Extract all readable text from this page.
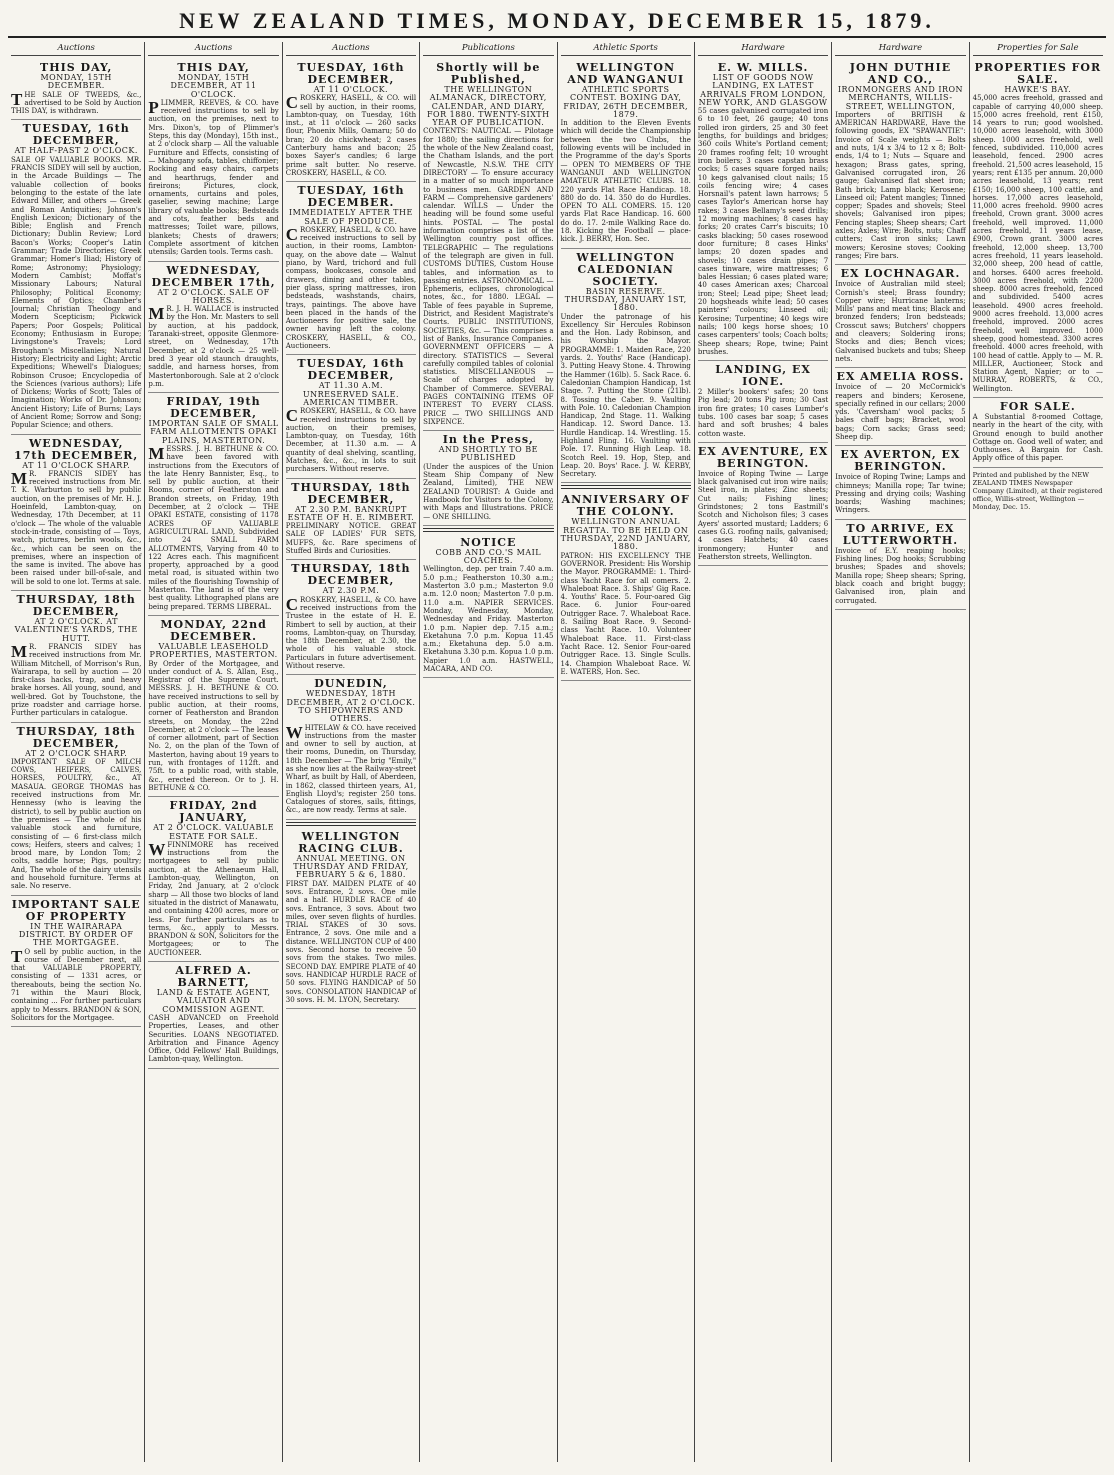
NEW ZEALAND TIMES, MONDAY, DECEMBER 15, 1879.
Auctions
THIS DAY,
MONDAY, 15TH DECEMBER.
THE SALE OF TWEEDS, &c., advertised to be Sold by Auction THIS DAY, is withdrawn.
TUESDAY, 16th DECEMBER,
AT HALF-PAST 2 O'CLOCK.
SALE OF VALUABLE BOOKS. MR. FRANCIS SIDEY will sell by auction, in the Arcade Buildings — The valuable collection of books belonging to the estate of the late Edward Miller, and others — Greek and Roman Antiquities; Johnson's English Lexicon; Dictionary of the Bible; English and French Dictionary; Dublin Review; Lord Bacon's Works; Cooper's Latin Grammar; Trade Directories; Greek Grammar; Homer's Iliad; History of Rome; Astronomy; Physiology; Modern Cambist; Moffat's Missionary Labours; Natural Philosophy; Political Economy; Elements of Optics; Chamber's Journal; Christian Theology and Modern Scepticism; Pickwick Papers; Poor Gospels; Political Economy; Enthusiasm in Europe; Livingstone's Travels; Lord Brougham's Miscellanies; Natural History; Electricity and Light; Arctic Expeditions; Whewell's Dialogues; Robinson Crusoe; Encyclopedia of the Sciences (various authors); Life of Dickens; Works of Scott; Tales of Imagination; Works of Dr. Johnson; Ancient History; Life of Burns; Lays of Ancient Rome; Sorrow and Song; Popular Science; and others.
WEDNESDAY, 17th DECEMBER,
AT 11 O'CLOCK SHARP.
M R. FRANCIS SIDEY has received instructions from Mr. T. K. Warburton to sell by public auction, on the premises of Mr. H. J. Hoeinfeld, Lambton-quay, on Wednesday, 17th December, at 11 o'clock — The whole of the valuable stock-in-trade, consisting of — Toys, watch, pictures, berlin wools, &c., &c., which can be seen on the premises, where an inspection of the same is invited. The above has been raised under bill-of-sale, and will be sold to one lot. Terms at sale.
THURSDAY, 18th DECEMBER,
AT 2 O'CLOCK. AT VALENTINE'S YARDS, THE HUTT.
M R. FRANCIS SIDEY has received instructions from Mr. William Mitchell, of Morrison's Run, Wairarapa, to sell by auction — 20 first-class hacks, trap, and heavy brake horses. All young, sound, and well-bred. Got by Touchstone, the prize roadster and carriage horse. Further particulars in catalogue.
THURSDAY, 18th DECEMBER,
AT 2 O'CLOCK SHARP.
IMPORTANT SALE OF MILCH COWS, HEIFERS, CALVES, HORSES, POULTRY, &c., AT MASAUA. GEORGE THOMAS has received instructions from Mr. Hennessy (who is leaving the district), to sell by public auction on the premises — The whole of his valuable stock and furniture, consisting of — 6 first-class milch cows; Heifers, steers and calves; 1 brood mare, by London Tom; 2 colts, saddle horse; Pigs, poultry; And, The whole of the dairy utensils and household furniture. Terms at sale. No reserve.
IMPORTANT SALE OF PROPERTY
IN THE WAIRARAPA DISTRICT. BY ORDER OF THE MORTGAGEE.
T O sell by public auction, in the course of December next, all that VALUABLE PROPERTY, consisting of — 1331 acres, or thereabouts, being the section No. 71 within the Mauri Block, containing ... For further particulars apply to Messrs. BRANDON & SON, Solicitors for the Mortgagee.
Auctions
THIS DAY,
MONDAY, 15TH DECEMBER, AT 11 O'CLOCK.
PLIMMER, REEVES, & CO. have received instructions to sell by auction, on the premises, next to Mrs. Dixon's, top of Plimmer's Steps, this day (Monday), 15th inst., at 2 o'clock sharp — All the valuable Furniture and Effects, consisting of — Mahogany sofa, tables, chiffonier; Rocking and easy chairs, carpets and hearthrugs, fender and fireirons; Pictures, clock, ornaments, curtains and poles, gaselier, sewing machine; Large library of valuable books; Bedsteads and cots, feather beds and mattresses; Toilet ware, pillows, blankets; Chests of drawers; Complete assortment of kitchen utensils; Garden tools. Terms cash.
WEDNESDAY, DECEMBER 17th,
AT 2 O'CLOCK. SALE OF HORSES.
M R. J. H. WALLACE is instructed by the Hon. Mr. Masters to sell by auction, at his paddock, Taranaki-street, opposite Glenmore-street, on Wednesday, 17th December, at 2 o'clock — 25 well-bred 3 year old staunch draughts, saddle, and harness horses, from Mastertonborough. Sale at 2 o'clock p.m.
FRIDAY, 19th DECEMBER,
IMPORTAN SALE OF SMALL FARM ALLOTMENTS OPAKI PLAINS, MASTERTON.
MESSRS. J. H. BETHUNE & CO. have been favored with instructions from the Executors of the late Henry Bannister, Esq., to sell by public auction, at their Rooms, corner of Featherston and Brandon streets, on Friday, 19th December, at 2 o'clock — THE OPAKI ESTATE, consisting of 1178 ACRES OF VALUABLE AGRICULTURAL LAND, Subdivided into 24 SMALL FARM ALLOTMENTS, Varying from 40 to 122 Acres each. This magnificent property, approached by a good metal road, is situated within two miles of the flourishing Township of Masterton. The land is of the very best quality. Lithographed plans are being prepared. TERMS LIBERAL.
MONDAY, 22nd DECEMBER.
VALUABLE LEASEHOLD PROPERTIES, MASTERTON.
By Order of the Mortgagee, and under conduct of A. S. Allan, Esq., Registrar of the Supreme Court. MESSRS. J. H. BETHUNE & CO. have received instructions to sell by public auction, at their rooms, corner of Featherston and Brandon streets, on Monday, the 22nd December, at 2 o'clock — The leases of corner allotment, part of Section No. 2, on the plan of the Town of Masterton, having about 19 years to run, with frontages of 112ft. and 75ft. to a public road, with stable, &c., erected thereon. Or to J. H. BETHUNE & CO.
FRIDAY, 2nd JANUARY,
AT 2 O'CLOCK. VALUABLE ESTATE FOR SALE.
WFINNIMORE has received instructions from the mortgagees to sell by public auction, at the Athenaeum Hall, Lambton-quay, Wellington, on Friday, 2nd January, at 2 o'clock sharp — All those two blocks of land situated in the district of Manawatu, and containing 4200 acres, more or less. For further particulars as to terms, &c., apply to Messrs. BRANDON & SON, Solicitors for the Mortgagees; or to The AUCTIONEER.
ALFRED A. BARNETT,
LAND & ESTATE AGENT, VALUATOR AND COMMISSION AGENT.
CASH ADVANCED on Freehold Properties, Leases, and other Securities. LOANS NEGOTIATED. Arbitration and Finance Agency Office, Odd Fellows' Hall Buildings, Lambton-quay, Wellington.
Auctions
TUESDAY, 16th DECEMBER,
AT 11 O'CLOCK.
CROSKERY, HASELL, & CO. will sell by auction, in their rooms, Lambton-quay, on Tuesday, 16th inst., at 11 o'clock — 260 sacks flour, Phoenix Mills, Oamaru; 50 do bran; 20 do chickwheat; 2 cases Canterbury hams and bacon; 25 boxes Sayer's candles; 6 large prime salt butter. No reserve. CROSKERY, HASELL, & CO.
TUESDAY, 16th DECEMBER.
IMMEDIATELY AFTER THE SALE OF PRODUCE.
CROSKERY, HASELL, & CO. have received instructions to sell by auction, in their rooms, Lambton-quay, on the above date — Walnut piano, by Ward, trichord and full compass, bookcases, console and drawers, dining and other tables, pier glass, spring mattresses, iron bedsteads, washstands, chairs, trays, paintings. The above have been placed in the hands of the Auctioneers for positive sale, the owner having left the colony. CROSKERY, HASELL, & CO., Auctioneers.
TUESDAY, 16th DECEMBER,
AT 11.30 A.M. UNRESERVED SALE. AMERICAN TIMBER.
CROSKERY, HASELL, & CO. have received instructions to sell by auction, on their premises, Lambton-quay, on Tuesday, 16th December, at 11.30 a.m. — A quantity of deal shelving, scantling, Matches, &c., &c., in lots to suit purchasers. Without reserve.
THURSDAY, 18th DECEMBER,
AT 2.30 P.M. BANKRUPT ESTATE OF H. E. RIMBERT.
PRELIMINARY NOTICE. GREAT SALE OF LADIES' FUR SETS, MUFFS, &c. Rare specimens of Stuffed Birds and Curiosities.
THURSDAY, 18th DECEMBER,
AT 2.30 P.M.
CROSKERY, HASELL, & CO. have received instructions from the Trustee in the estate of H. E. Rimbert to sell by auction, at their rooms, Lambton-quay, on Thursday, the 18th December, at 2.30, the whole of his valuable stock. Particulars in future advertisement. Without reserve.
DUNEDIN,
WEDNESDAY, 18TH DECEMBER, AT 2 O'CLOCK. TO SHIPOWNERS AND OTHERS.
WHITELAW & CO. have received instructions from the master and owner to sell by auction, at their rooms, Dunedin, on Thursday, 18th December — The brig "Emily," as she now lies at the Railway-street Wharf, as built by Hall, of Aberdeen, in 1862, classed thirteen years, A1, English Lloyd's; register 250 tons. Catalogues of stores, sails, fittings, &c., are now ready. Terms at sale.
WELLINGTON RACING CLUB.
ANNUAL MEETING. ON THURSDAY AND FRIDAY, FEBRUARY 5 & 6, 1880.
FIRST DAY. MAIDEN PLATE of 40 sovs. Entrance, 2 sovs. One mile and a half. HURDLE RACE of 40 sovs. Entrance, 3 sovs. About two miles, over seven flights of hurdles. TRIAL STAKES of 30 sovs. Entrance, 2 sovs. One mile and a distance. WELLINGTON CUP of 400 sovs. Second horse to receive 50 sovs from the stakes. Two miles. SECOND DAY. EMPIRE PLATE of 40 sovs. HANDICAP HURDLE RACE of 50 sovs. FLYING HANDICAP of 50 sovs. CONSOLATION HANDICAP of 30 sovs. H. M. LYON, Secretary.
Publications
Shortly will be Published,
THE WELLINGTON ALMANACK, DIRECTORY, CALENDAR, AND DIARY, FOR 1880. TWENTY-SIXTH YEAR OF PUBLICATION.
CONTENTS: NAUTICAL — Pilotage for 1880; the sailing directions for the whole of the New Zealand coast, the Chatham Islands, and the port of Newcastle, N.S.W. THE CITY DIRECTORY — To ensure accuracy in a matter of so much importance to business men. GARDEN AND FARM — Comprehensive gardeners' calendar. WILLS — Under the heading will be found some useful hints. POSTAL — The postal information comprises a list of the Wellington country post offices. TELEGRAPHIC — The regulations of the telegraph are given in full. CUSTOMS DUTIES, Custom House tables, and information as to passing entries. ASTRONOMICAL — Ephemeris, eclipses, chronological notes, &c., for 1880. LEGAL — Table of fees payable in Supreme, District, and Resident Magistrate's Courts. PUBLIC INSTITUTIONS, SOCIETIES, &c. — This comprises a list of Banks, Insurance Companies. GOVERNMENT OFFICERS — A directory. STATISTICS — Several carefully compiled tables of colonial statistics. MISCELLANEOUS — Scale of charges adopted by Chamber of Commerce. SEVERAL PAGES CONTAINING ITEMS OF INTEREST TO EVERY CLASS. PRICE — TWO SHILLINGS AND SIXPENCE.
In the Press,
AND SHORTLY TO BE PUBLISHED
(Under the auspices of the Union Steam Ship Company of New Zealand, Limited), THE NEW ZEALAND TOURIST: A Guide and Handbook for Visitors to the Colony, with Maps and Illustrations. PRICE — ONE SHILLING.
NOTICE
COBB AND CO.'S MAIL COACHES.
Wellington, dep. per train 7.40 a.m. 5.0 p.m.; Featherston 10.30 a.m.; Masterton 3.0 p.m.; Masterton 9.0 a.m. 12.0 noon; Masterton 7.0 p.m. 11.0 a.m. NAPIER SERVICES. Monday, Wednesday, Monday, Wednesday and Friday. Masterton 1.0 p.m. Napier dep. 7.15 a.m.; Eketahuna 7.0 p.m. Kopua 11.45 a.m.; Eketahuna dep. 5.0 a.m. Eketahuna 3.30 p.m. Kopua 1.0 p.m. Napier 1.0 a.m. HASTWELL, MACARA, AND CO.
Athletic Sports
WELLINGTON AND WANGANUI
ATHLETIC SPORTS CONTEST. BOXING DAY, FRIDAY, 26TH DECEMBER, 1879.
In addition to the Eleven Events which will decide the Championship between the two Clubs, the following events will be included in the Programme of the day's Sports — OPEN TO MEMBERS OF THE WANGANUI AND WELLINGTON AMATEUR ATHLETIC CLUBS. 18. 220 yards Flat Race Handicap. 18. 880 do do. 14. 350 do do Hurdles. OPEN TO ALL COMERS. 15. 120 yards Flat Race Handicap. 16. 600 do do. 17. 2-mile Walking Race do. 18. Kicking the Football — place-kick. J. BERRY, Hon. Sec.
WELLINGTON CALEDONIAN SOCIETY.
BASIN RESERVE. THURSDAY, JANUARY 1ST, 1880.
Under the patronage of his Excellency Sir Hercules Robinson and the Hon. Lady Robinson, and his Worship the Mayor. PROGRAMME: 1. Maiden Race, 220 yards. 2. Youths' Race (Handicap). 3. Putting Heavy Stone. 4. Throwing the Hammer (16lb). 5. Sack Race. 6. Caledonian Champion Handicap, 1st Stage. 7. Putting the Stone (21lb). 8. Tossing the Caber. 9. Vaulting with Pole. 10. Caledonian Champion Handicap, 2nd Stage. 11. Walking Handicap. 12. Sword Dance. 13. Hurdle Handicap. 14. Wrestling. 15. Highland Fling. 16. Vaulting with Pole. 17. Running High Leap. 18. Scotch Reel. 19. Hop, Step, and Leap. 20. Boys' Race. J. W. KERBY, Secretary.
ANNIVERSARY OF THE COLONY.
WELLINGTON ANNUAL REGATTA. TO BE HELD ON THURSDAY, 22ND JANUARY, 1880.
PATRON: HIS EXCELLENCY THE GOVERNOR. President: His Worship the Mayor. PROGRAMME: 1. Third-class Yacht Race for all comers. 2. Whaleboat Race. 3. Ships' Gig Race. 4. Youths' Race. 5. Four-oared Gig Race. 6. Junior Four-oared Outrigger Race. 7. Whaleboat Race. 8. Sailing Boat Race. 9. Second-class Yacht Race. 10. Volunteer Whaleboat Race. 11. First-class Yacht Race. 12. Senior Four-oared Outrigger Race. 13. Single Sculls. 14. Champion Whaleboat Race. W. E. WATERS, Hon. Sec.
Hardware
E. W. MILLS.
LIST OF GOODS NOW LANDING, EX LATEST ARRIVALS FROM LONDON, NEW YORK, AND GLASGOW
55 cases galvanised corrugated iron 6 to 10 feet, 26 gauge; 40 tons rolled iron girders, 25 and 30 feet lengths, for buildings and bridges; 360 coils White's Portland cement; 20 frames roofing felt; 10 wrought iron boilers; 3 cases capstan brass cocks; 5 cases square forged nails; 10 kegs galvanised clout nails; 15 coils fencing wire; 4 cases Horsnail's patent lawn harrows; 5 cases Taylor's American horse hay rakes; 3 cases Bellamy's seed drills; 12 mowing machines; 8 cases hay forks; 20 crates Carr's biscuits; 10 casks blacking; 50 cases rosewood door furniture; 8 cases Hinks' lamps; 20 dozen spades and shovels; 10 cases drain pipes; 7 cases tinware, wire mattresses; 6 bales Hessian; 6 cases plated ware; 40 cases American axes; Charcoal iron; Steel; Lead pipe; Sheet lead; 20 hogsheads white lead; 50 cases painters' colours; Linseed oil; Kerosine; Turpentine; 40 kegs wire nails; 100 kegs horse shoes; 10 cases carpenters' tools; Coach bolts; Sheep shears; Rope, twine; Paint brushes.
LANDING, EX IONE.
2 Miller's bookers' safes; 20 tons Pig lead; 20 tons Pig iron; 30 Cast iron fire grates; 10 cases Lumber's tubs. 100 cases bar soap; 5 cases hard and soft brushes; 4 bales cotton waste.
EX AVENTURE, EX BERINGTON.
Invoice of Roping Twine — Large black galvanised cut iron wire nails; Steel iron, in plates; Zinc sheets; Cut nails; Fishing lines; Grindstones; 2 tons Eastmill's Scotch and Nicholson files; 3 cases Ayers' assorted mustard; Ladders; 6 cases G.G. roofing nails, galvanised; 4 cases Hatchets; 40 cases ironmongery; Hunter and Featherston streets, Wellington.
Hardware
JOHN DUTHIE AND CO.,
IRONMONGERS AND IRON MERCHANTS, WILLIS-STREET, WELLINGTON,
Importers of BRITISH & AMERICAN HARDWARE, Have the following goods, EX "SPAWANTIE": Invoice of Scale weights — Bolts and nuts, 1/4 x 3/4 to 12 x 8; Bolt-ends, 1/4 to 1; Nuts — Square and hexagon; Brass gates, spring, Galvanised corrugated iron, 26 gauge; Galvanised flat sheet iron; Bath brick; Lamp black; Kerosene; Linseed oil; Patent mangles; Tinned copper; Spades and shovels; Steel shovels; Galvanised iron pipes; Fencing staples; Sheep shears; Cart axles; Axles; Wire; Bolts, nuts; Chaff cutters; Cast iron sinks; Lawn mowers; Kerosine stoves; Cooking ranges; Fire bars.
EX LOCHNAGAR.
Invoice of Australian mild steel; Cornish's steel; Brass foundry; Copper wire; Hurricane lanterns; Mills' pans and meat tins; Black and bronzed fenders; Iron bedsteads; Crosscut saws; Butchers' choppers and cleavers; Soldering irons; Stocks and dies; Bench vices; Galvanised buckets and tubs; Sheep nets.
EX AMELIA ROSS.
Invoice of — 20 McCormick's reapers and binders; Kerosene, specially refined in our cellars; 2000 yds. 'Caversham' wool packs; 5 bales chaff bags; Bracket, wool bags; Corn sacks; Grass seed; Sheep dip.
EX AVERTON, EX BERINGTON.
Invoice of Roping Twine; Lamps and chimneys; Manilla rope; Tar twine; Pressing and drying coils; Washing boards; Washing machines; Wringers.
TO ARRIVE, EX LUTTERWORTH.
Invoice of E.Y. reaping hooks; Fishing lines; Dog hooks; Scrubbing brushes; Spades and shovels; Manilla rope; Sheep shears; Spring, black coach and bright buggy; Galvanised iron, plain and corrugated.
Properties for Sale
PROPERTIES FOR SALE.
HAWKE'S BAY.
45,000 acres freehold, grassed and capable of carrying 40,000 sheep. 15,000 acres freehold, rent £150, 14 years to run; good woolshed. 10,000 acres leasehold, with 3000 sheep. 1000 acres freehold, well fenced, subdivided. 110,000 acres leasehold, fenced. 2900 acres freehold. 21,500 acres leasehold, 15 years; rent £135 per annum. 20,000 acres leasehold, 13 years; rent £150; 16,000 sheep, 100 cattle, and horses. 17,000 acres leasehold, 11,000 acres freehold. 9900 acres freehold, Crown grant. 3000 acres freehold, well improved. 11,000 acres freehold, 11 years lease, £900, Crown grant. 3000 acres freehold, 12,000 sheep. 13,700 acres freehold, 11 years leasehold. 32,000 sheep, 200 head of cattle, and horses. 6400 acres freehold. 3000 acres freehold, with 2200 sheep. 8000 acres freehold, fenced and subdivided. 5400 acres leasehold. 4900 acres freehold. 9000 acres freehold. 13,000 acres freehold, improved. 2000 acres freehold, well improved. 1000 sheep, good homestead. 3300 acres freehold. 4000 acres freehold, with 100 head of cattle. Apply to — M. R. MILLER, Auctioneer, Stock and Station Agent, Napier; or to — MURRAY, ROBERTS, & CO., Wellington.
FOR SALE.
A Substantial 8-roomed Cottage, nearly in the heart of the city, with Ground enough to build another Cottage on. Good well of water, and Outhouses. A Bargain for Cash. Apply office of this paper.
Printed and published by the NEW ZEALAND TIMES Newspaper Company (Limited), at their registered office, Willis-street, Wellington — Monday, Dec. 15.
